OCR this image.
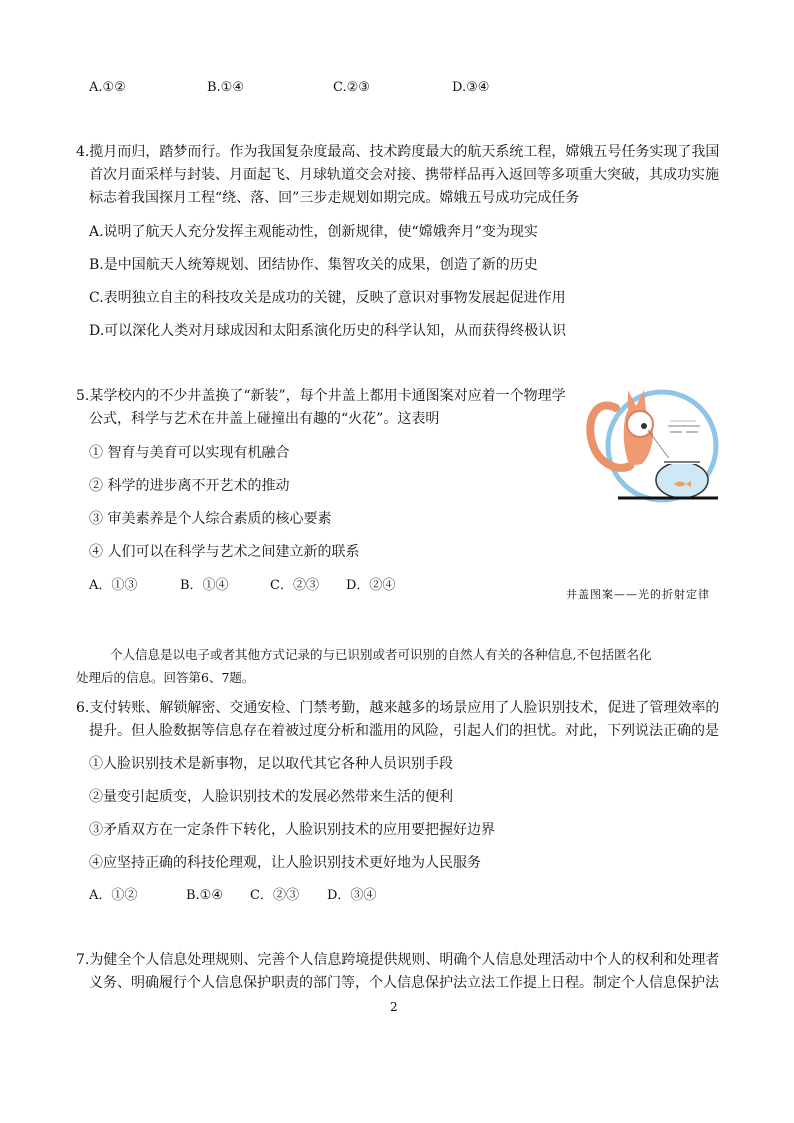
A.①②	B.①④	C.②③	D.③④
4.揽月而归，踏梦而行。作为我国复杂度最高、技术跨度最大的航天系统工程，嫦娥五号任务实现了我国
首次月面采样与封装、月面起飞、月球轨道交会对接、携带样品再入返回等多项重大突破，其成功实施
标志着我国探月工程“绕、落、回”三步走规划如期完成。嫦娥五号成功完成任务
A.说明了航天人充分发挥主观能动性，创新规律，使“嫦娥奔月”变为现实
B.是中国航天人统筹规划、团结协作、集智攻关的成果，创造了新的历史
C.表明独立自主的科技攻关是成功的关键，反映了意识对事物发展起促进作用
D.可以深化人类对月球成因和太阳系演化历史的科学认知，从而获得终极认识
5.某学校内的不少井盖换了“新装”，每个井盖上都用卡通图案对应着一个物理学
公式，科学与艺术在井盖上碰撞出有趣的“火花”。这表明
① 智育与美育可以实现有机融合
② 科学的进步离不开艺术的推动
③ 审美素养是个人综合素质的核心要素
④ 人们可以在科学与艺术之间建立新的联系
A．①③	B．①④	C．②③ D．②④
井盖图案——光的折射定律
个人信息是以电子或者其他方式记录的与已识别或者可识别的自然人有关的各种信息,不包括匿名化
处理后的信息。回答第6、7题。
6.支付转账、解锁解密、交通安检、门禁考勤，越来越多的场景应用了人脸识别技术，促进了管理效率的
提升。但人脸数据等信息存在着被过度分析和滥用的风险，引起人们的担忧。对此，下列说法正确的是
①人脸识别技术是新事物，足以取代其它各种人员识别手段
②量变引起质变，人脸识别技术的发展必然带来生活的便利
③矛盾双方在一定条件下转化，人脸识别技术的应用要把握好边界
④应坚持正确的科技伦理观，让人脸识别技术更好地为人民服务
A．①②	B.①④ C．②③ D．③④
7.为健全个人信息处理规则、完善个人信息跨境提供规则、明确个人信息处理活动中个人的权利和处理者
义务、明确履行个人信息保护职责的部门等，个人信息保护法立法工作提上日程。制定个人信息保护法
2
